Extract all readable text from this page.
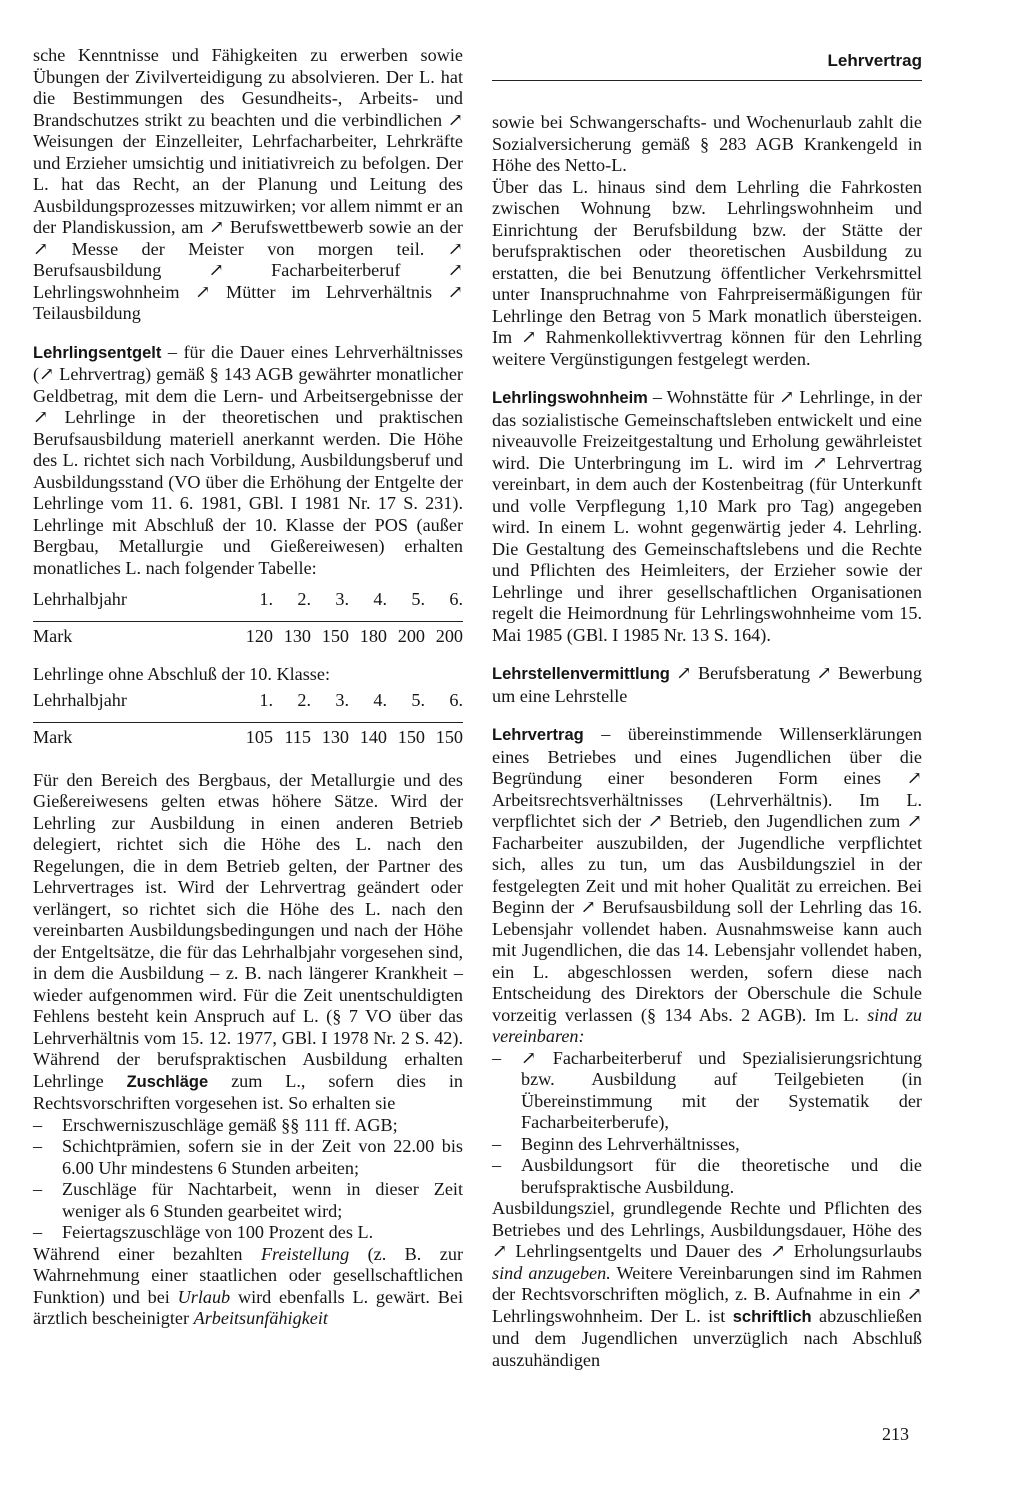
Lehrvertrag

sche Kenntnisse und Fähigkeiten zu erwerben sowie Übungen der Zivilverteidigung zu absolvieren. Der L. hat die Bestimmungen des Gesundheits-, Arbeits- und Brandschutzes strikt zu beachten und die verbindlichen ↗ Weisungen der Einzelleiter, Lehrfacharbeiter, Lehrkräfte und Erzieher umsichtig und initiativreich zu befolgen. Der L. hat das Recht, an der Planung und Leitung des Ausbildungsprozesses mitzuwirken; vor allem nimmt er an der Plandiskussion, am ↗ Berufswettbewerb sowie an der ↗ Messe der Meister von morgen teil. ↗ Berufsausbildung ↗ Facharbeiterberuf ↗ Lehrlingswohnheim ↗ Mütter im Lehrverhältnis ↗ Teilausbildung

Lehrlingsentgelt – für die Dauer eines Lehrverhältnisses (↗ Lehrvertrag) gemäß § 143 AGB gewährter monatlicher Geldbetrag, mit dem die Lern- und Arbeitsergebnisse der ↗ Lehrlinge in der theoretischen und praktischen Berufsausbildung materiell anerkannt werden. Die Höhe des L. richtet sich nach Vorbildung, Ausbildungsberuf und Ausbildungsstand (VO über die Erhöhung der Entgelte der Lehrlinge vom 11. 6. 1981, GBl. I 1981 Nr. 17 S. 231). Lehrlinge mit Abschluß der 10. Klasse der POS (außer Bergbau, Metallurgie und Gießereiwesen) erhalten monatliches L. nach folgender Tabelle:

Lehrhalbjahr	1.	2.	3.	4.	5.	6.
Mark	120	130	150	180	200	200

Lehrlinge ohne Abschluß der 10. Klasse:

Lehrhalbjahr	1.	2.	3.	4.	5.	6.
Mark	105	115	130	140	150	150

Für den Bereich des Bergbaus, der Metallurgie und des Gießereiwesens gelten etwas höhere Sätze. Wird der Lehrling zur Ausbildung in einen anderen Betrieb delegiert, richtet sich die Höhe des L. nach den Regelungen, die in dem Betrieb gelten, der Partner des Lehrvertrages ist. Wird der Lehrvertrag geändert oder verlängert, so richtet sich die Höhe des L. nach den vereinbarten Ausbildungsbedingungen und nach der Höhe der Entgeltsätze, die für das Lehrhalbjahr vorgesehen sind, in dem die Ausbildung – z. B. nach längerer Krankheit – wieder aufgenommen wird. Für die Zeit unentschuldigten Fehlens besteht kein Anspruch auf L. (§ 7 VO über das Lehrverhältnis vom 15. 12. 1977, GBl. I 1978 Nr. 2 S. 42). Während der berufspraktischen Ausbildung erhalten Lehrlinge Zuschläge zum L., sofern dies in Rechtsvorschriften vorgesehen ist. So erhalten sie

–	Erschwerniszuschläge gemäß §§ 111 ff. AGB;
–	Schichtprämien, sofern sie in der Zeit von 22.00 bis 6.00 Uhr mindestens 6 Stunden arbeiten;
–	Zuschläge für Nachtarbeit, wenn in dieser Zeit weniger als 6 Stunden gearbeitet wird;
–	Feiertagszuschläge von 100 Prozent des L.

Während einer bezahlten Freistellung (z. B. zur Wahrnehmung einer staatlichen oder gesellschaftlichen Funktion) und bei Urlaub wird ebenfalls L. gewärt. Bei ärztlich bescheinigter Arbeitsunfähigkeit

sowie bei Schwangerschafts- und Wochenurlaub zahlt die Sozialversicherung gemäß § 283 AGB Krankengeld in Höhe des Netto-L.

Über das L. hinaus sind dem Lehrling die Fahrkosten zwischen Wohnung bzw. Lehrlingswohnheim und Einrichtung der Berufsbildung bzw. der Stätte der berufspraktischen oder theoretischen Ausbildung zu erstatten, die bei Benutzung öffentlicher Verkehrsmittel unter Inanspruchnahme von Fahrpreisermäßigungen für Lehrlinge den Betrag von 5 Mark monatlich übersteigen. Im ↗ Rahmenkollektivvertrag können für den Lehrling weitere Vergünstigungen festgelegt werden.

Lehrlingswohnheim – Wohnstätte für ↗ Lehrlinge, in der das sozialistische Gemeinschaftsleben entwickelt und eine niveauvolle Freizeitgestaltung und Erholung gewährleistet wird. Die Unterbringung im L. wird im ↗ Lehrvertrag vereinbart, in dem auch der Kostenbeitrag (für Unterkunft und volle Verpflegung 1,10 Mark pro Tag) angegeben wird. In einem L. wohnt gegenwärtig jeder 4. Lehrling. Die Gestaltung des Gemeinschaftslebens und die Rechte und Pflichten des Heimleiters, der Erzieher sowie der Lehrlinge und ihrer gesellschaftlichen Organisationen regelt die Heimordnung für Lehrlingswohnheime vom 15. Mai 1985 (GBl. I 1985 Nr. 13 S. 164).

Lehrstellenvermittlung ↗ Berufsberatung ↗ Bewerbung um eine Lehrstelle

Lehrvertrag – übereinstimmende Willenserklärungen eines Betriebes und eines Jugendlichen über die Begründung einer besonderen Form eines ↗ Arbeitsrechtsverhältnisses (Lehrverhältnis). Im L. verpflichtet sich der ↗ Betrieb, den Jugendlichen zum ↗ Facharbeiter auszubilden, der Jugendliche verpflichtet sich, alles zu tun, um das Ausbildungsziel in der festgelegten Zeit und mit hoher Qualität zu erreichen. Bei Beginn der ↗ Berufsausbildung soll der Lehrling das 16. Lebensjahr vollendet haben. Ausnahmsweise kann auch mit Jugendlichen, die das 14. Lebensjahr vollendet haben, ein L. abgeschlossen werden, sofern diese nach Entscheidung des Direktors der Oberschule die Schule vorzeitig verlassen (§ 134 Abs. 2 AGB). Im L. sind zu vereinbaren:

–	↗ Facharbeiterberuf und Spezialisierungsrichtung bzw. Ausbildung auf Teilgebieten (in Übereinstimmung mit der Systematik der Facharbeiterberufe),
–	Beginn des Lehrverhältnisses,
–	Ausbildungsort für die theoretische und die berufspraktische Ausbildung.

Ausbildungsziel, grundlegende Rechte und Pflichten des Betriebes und des Lehrlings, Ausbildungsdauer, Höhe des ↗ Lehrlingsentgelts und Dauer des ↗ Erholungsurlaubs sind anzugeben. Weitere Vereinbarungen sind im Rahmen der Rechtsvorschriften möglich, z. B. Aufnahme in ein ↗ Lehrlingswohnheim. Der L. ist schriftlich abzuschließen und dem Jugendlichen unverzüglich nach Abschluß auszuhändigen

213
